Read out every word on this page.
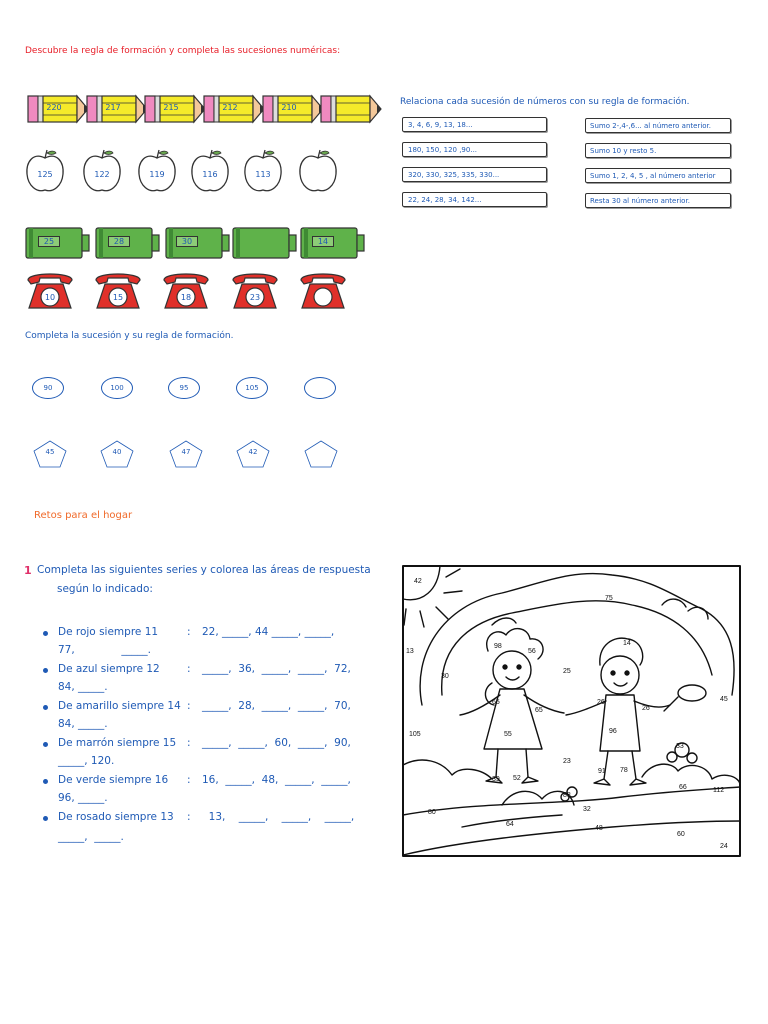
Descubre la regla de formación y completa las sucesiones numéricas:
220	217	215	212	210
125	122	119	116	113
25	28	30	14
10	15	18	23
Relaciona cada sucesión de números con su regla de formación.
3, 4, 6, 9, 13, 18...
180, 150, 120 ,90...
320, 330, 325, 335, 330...
22, 24, 28, 34, 142...
Sumo 2-,4-,6... al número anterior.
Sumo 10 y resto 5.
Sumo 1, 2, 4, 5 , al número anterior
Resta 30 al número anterior.
Completa la sucesión y su regla de formación.
90	100	95	105
45	40	47	42
Retos para el hogar
1 Completa las siguientes series y colorea las áreas de respuesta
según lo indicado:
De rojo siempre 11	: 22, _____, 44 _____, _____,
77,              _____.
De azul siempre 12	: _____,  36,  _____,  _____,  72,
84, _____.
De amarillo siempre 14 : _____,  28,  _____,  _____,  70,
84, _____.
De marrón siempre 15 : _____,  _____,  60,  _____,  90,
_____, 120.
De verde siempre 16 : 16,  _____,  48,  _____,  _____,
96, _____.
De rosado siempre 13 : 13,    _____,    _____,    _____,
_____,  _____.
42
75
13
98
56
14
30
25
65
65
26
26
45
105	55	96
33
23
91 78
39 52
66	112
88
32
80
64
48
60
24
